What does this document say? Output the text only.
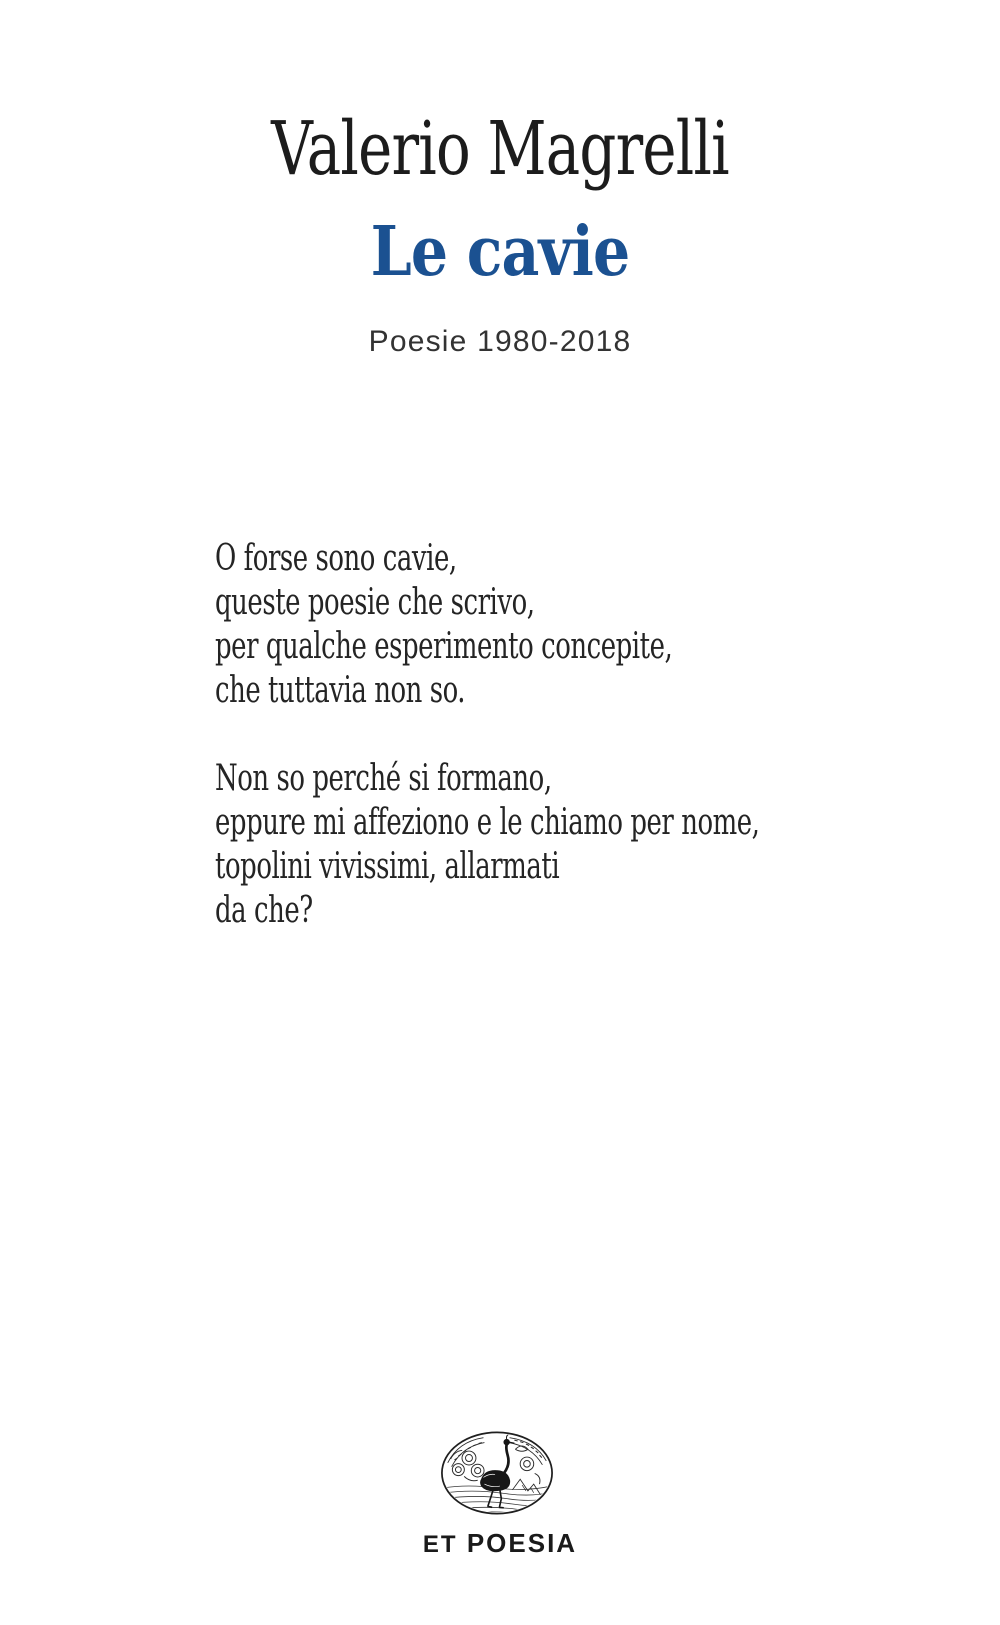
Valerio Magrelli
Le cavie
Poesie 1980-2018
O forse sono cavie,
queste poesie che scrivo,
per qualche esperimento concepite,
che tuttavia non so.
Non so perché si formano,
eppure mi affeziono e le chiamo per nome,
topolini vivissimi, allarmati
da che?
ET POESIA
